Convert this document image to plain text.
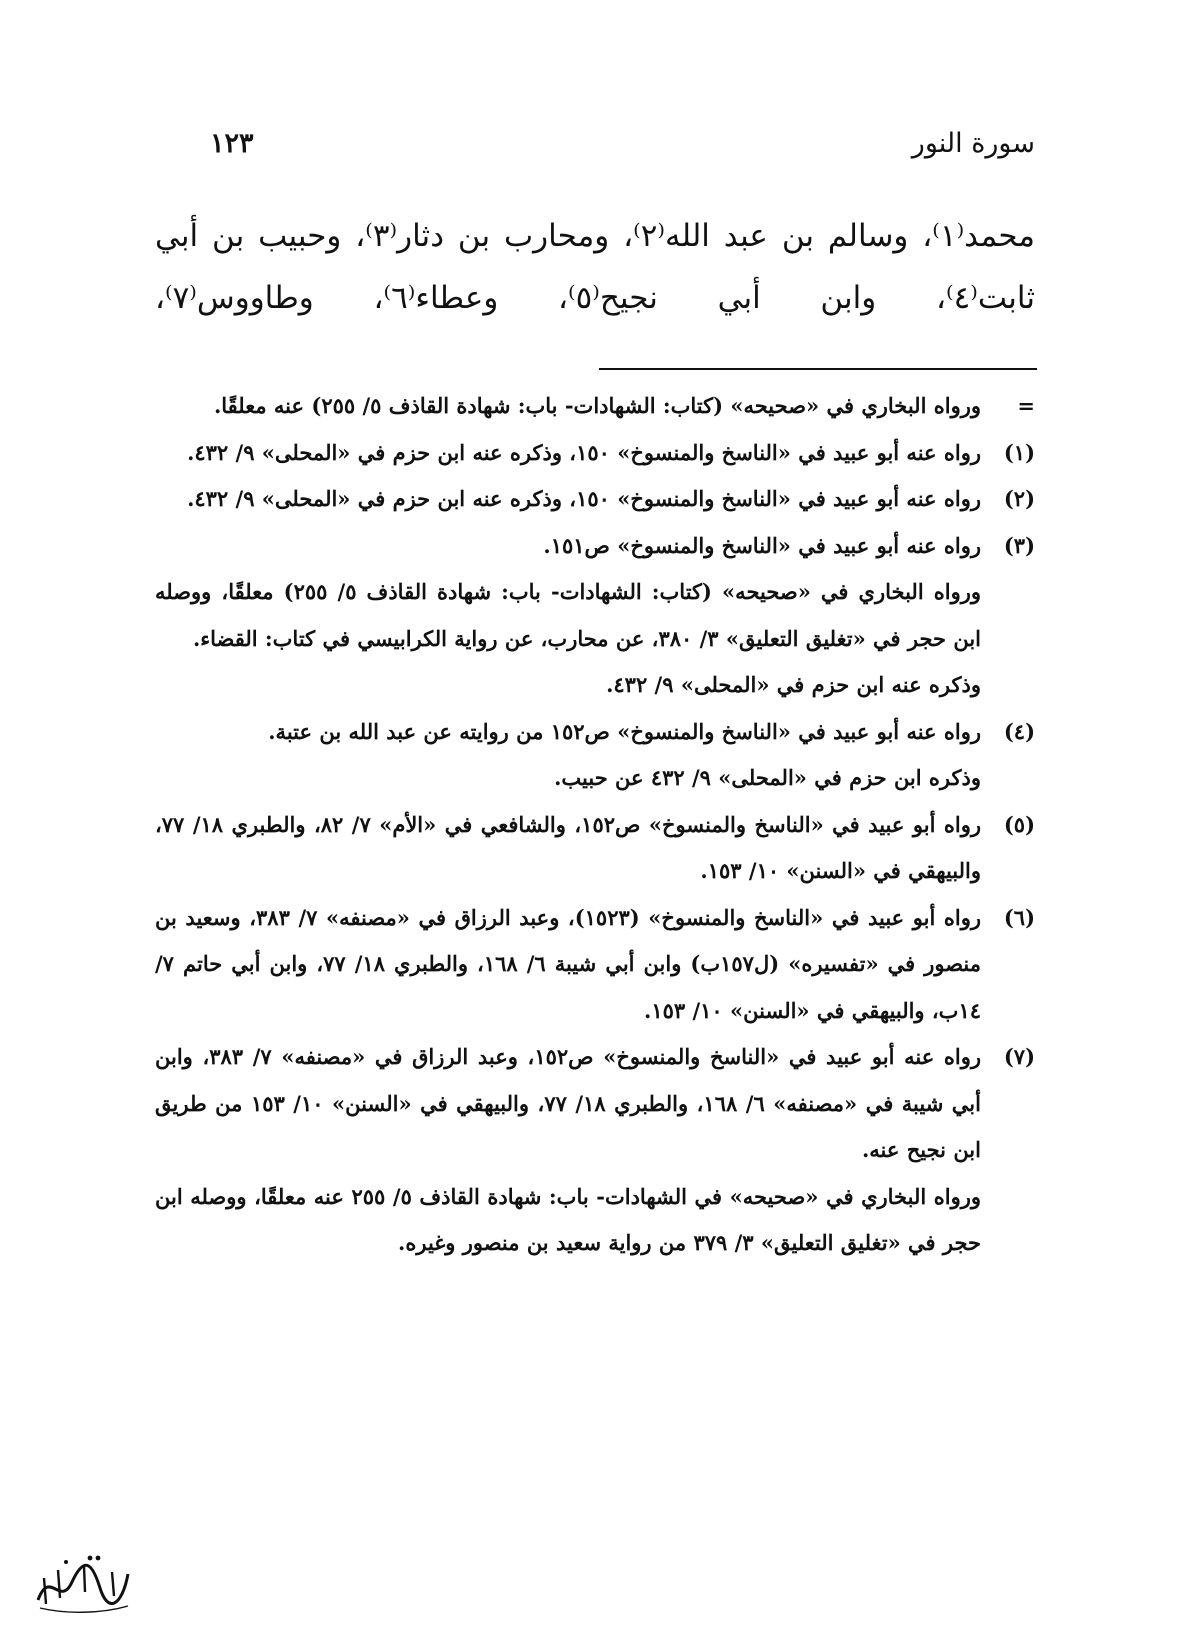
سورة النور
١٢٣
محمد⁽١⁾، وسالم بن عبد الله⁽٢⁾، ومحارب بن دثار⁽٣⁾، وحبيب بن أبي
ثابت⁽٤⁾، وابن أبي نجيح⁽٥⁾، وعطاء⁽٦⁾، وطاووس⁽٧⁾،
=

ورواه البخاري في «صحيحه» (كتاب: الشهادات- باب: شهادة القاذف ٥/ ٢٥٥) عنه معلقًا.

(١)

رواه عنه أبو عبيد في «الناسخ والمنسوخ» ١٥٠، وذكره عنه ابن حزم في «المحلى» ٩/ ٤٣٢.

(٢)

رواه عنه أبو عبيد في «الناسخ والمنسوخ» ١٥٠، وذكره عنه ابن حزم في «المحلى» ٩/ ٤٣٢.

(٣)

رواه عنه أبو عبيد في «الناسخ والمنسوخ» ص١٥١.

ورواه البخاري في «صحيحه» (كتاب: الشهادات- باب: شهادة القاذف ٥/ ٢٥٥) معلقًا، ووصله ابن حجر في «تغليق التعليق» ٣/ ٣٨٠، عن محارب، عن رواية الكرابيسي في كتاب: القضاء.

وذكره عنه ابن حزم في «المحلى» ٩/ ٤٣٢.

(٤)

رواه عنه أبو عبيد في «الناسخ والمنسوخ» ص١٥٢ من روايته عن عبد الله بن عتبة.

وذكره ابن حزم في «المحلى» ٩/ ٤٣٢ عن حبيب.

(٥)

رواه أبو عبيد في «الناسخ والمنسوخ» ص١٥٢، والشافعي في «الأم» ٧/ ٨٢، والطبري ١٨/ ٧٧، والبيهقي في «السنن» ١٠/ ١٥٣.

(٦)

رواه أبو عبيد في «الناسخ والمنسوخ» (١٥٢٣)، وعبد الرزاق في «مصنفه» ٧/ ٣٨٣، وسعيد بن منصور في «تفسيره» (ل١٥٧ب) وابن أبي شيبة ٦/ ١٦٨، والطبري ١٨/ ٧٧، وابن أبي حاتم ٧/ ١٤ب، والبيهقي في «السنن» ١٠/ ١٥٣.

(٧)

رواه عنه أبو عبيد في «الناسخ والمنسوخ» ص١٥٢، وعبد الرزاق في «مصنفه» ٧/ ٣٨٣، وابن أبي شيبة في «مصنفه» ٦/ ١٦٨، والطبري ١٨/ ٧٧، والبيهقي في «السنن» ١٠/ ١٥٣ من طريق ابن نجيح عنه.

ورواه البخاري في «صحيحه» في الشهادات- باب: شهادة القاذف ٥/ ٢٥٥ عنه معلقًا، ووصله ابن حجر في «تغليق التعليق» ٣/ ٣٧٩ من رواية سعيد بن منصور وغيره.
